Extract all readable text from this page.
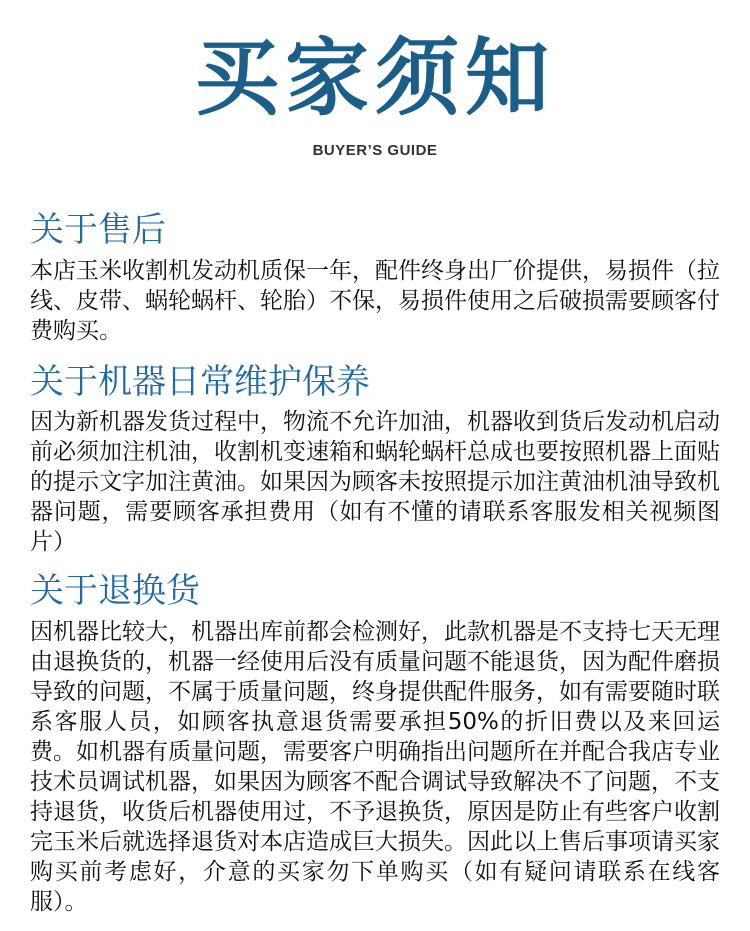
买家须知
BUYER’S GUIDE
关于售后
本店玉米收割机发动机质保一年，配件终身出厂价提供，易损件（拉线、皮带、蜗轮蜗杆、轮胎）不保，易损件使用之后破损需要顾客付费购买。
关于机器日常维护保养
因为新机器发货过程中，物流不允许加油，机器收到货后发动机启动前必须加注机油，收割机变速箱和蜗轮蜗杆总成也要按照机器上面贴的提示文字加注黄油。如果因为顾客未按照提示加注黄油机油导致机器问题，需要顾客承担费用（如有不懂的请联系客服发相关视频图片）
关于退换货
因机器比较大，机器出库前都会检测好，此款机器是不支持七天无理由退换货的，机器一经使用后没有质量问题不能退货，因为配件磨损导致的问题，不属于质量问题，终身提供配件服务，如有需要随时联系客服人员，如顾客执意退货需要承担50%的折旧费以及来回运费。如机器有质量问题，需要客户明确指出问题所在并配合我店专业技术员调试机器，如果因为顾客不配合调试导致解决不了问题，不支持退货，收货后机器使用过，不予退换货，原因是防止有些客户收割完玉米后就选择退货对本店造成巨大损失。因此以上售后事项请买家购买前考虑好，介意的买家勿下单购买（如有疑问请联系在线客服）。
